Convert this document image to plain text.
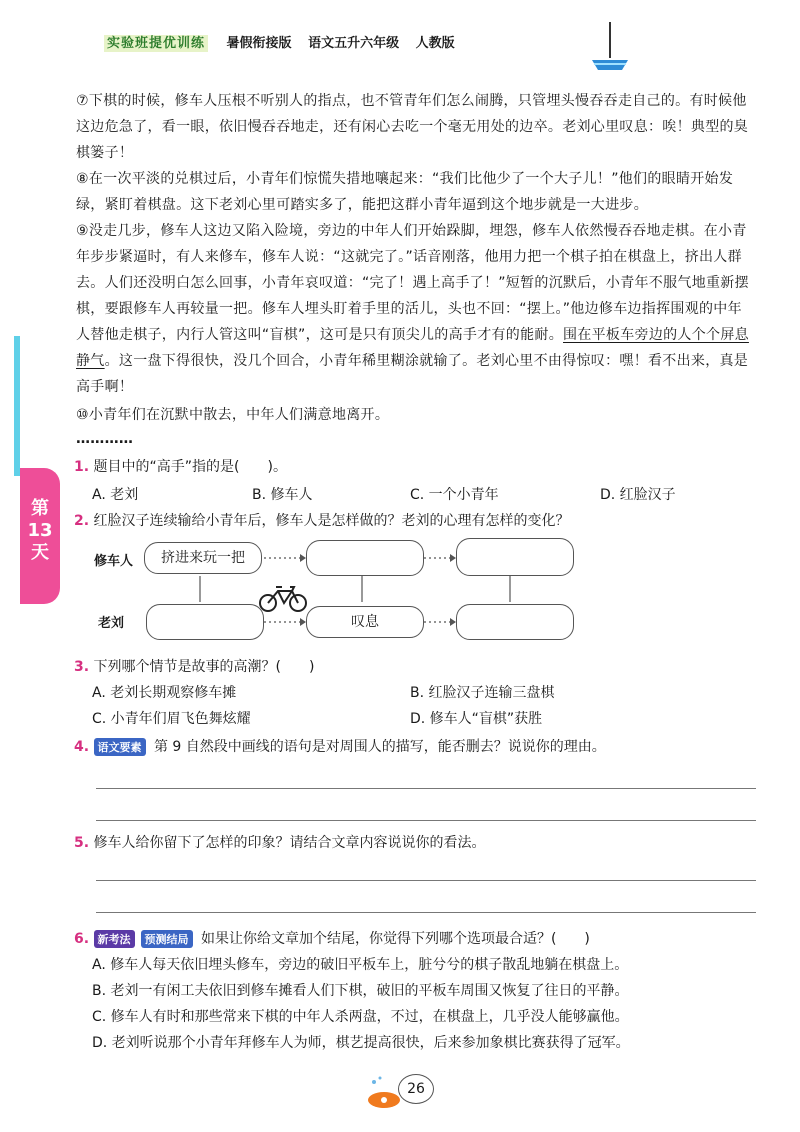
实验班提优训练 暑假衔接版 语文五升六年级 人教版
第13天
⑦下棋的时候，修车人压根不听别人的指点，也不管青年们怎么闹腾，只管埋头慢吞吞走自己的。有时候他这边危急了，看一眼，依旧慢吞吞地走，还有闲心去吃一个毫无用处的边卒。老刘心里叹息：唉！典型的臭棋篓子！
⑧在一次平淡的兑棋过后，小青年们惊慌失措地嚷起来：“我们比他少了一个大子儿！”他们的眼睛开始发绿，紧盯着棋盘。这下老刘心里可踏实多了，能把这群小青年逼到这个地步就是一大进步。
⑨没走几步，修车人这边又陷入险境，旁边的中年人们开始跺脚，埋怨，修车人依然慢吞吞地走棋。在小青年步步紧逼时，有人来修车，修车人说：“这就完了。”话音刚落，他用力把一个棋子拍在棋盘上，挤出人群去。人们还没明白怎么回事，小青年哀叹道：“完了！遇上高手了！”短暂的沉默后，小青年不服气地重新摆棋，要跟修车人再较量一把。修车人埋头盯着手里的活儿，头也不回：“摆上。”他边修车边指挥围观的中年人替他走棋子，内行人管这叫“盲棋”，这可是只有顶尖儿的高手才有的能耐。围在平板车旁边的人个个屏息静气。这一盘下得很快，没几个回合，小青年稀里糊涂就输了。老刘心里不由得惊叹：嘿！看不出来，真是高手啊！
⑩小青年们在沉默中散去，中年人们满意地离开。
…………
1. 题目中的“高手”指的是(　　)。
A. 老刘	B. 修车人	C. 一个小青年	D. 红脸汉子
2. 红脸汉子连续输给小青年后，修车人是怎样做的？老刘的心理有怎样的变化？
修车人
老刘
挤进来玩一把
叹息
3. 下列哪个情节是故事的高潮？(　　)
A. 老刘长期观察修车摊	B. 红脸汉子连输三盘棋
C. 小青年们眉飞色舞炫耀	D. 修车人“盲棋”获胜
4. 语文要素 第 9 自然段中画线的语句是对周围人的描写，能否删去？说说你的理由。
5. 修车人给你留下了怎样的印象？请结合文章内容说说你的看法。
6. 新考法 预测结局 如果让你给文章加个结尾，你觉得下列哪个选项最合适？(　　)
A. 修车人每天依旧埋头修车，旁边的破旧平板车上，脏兮兮的棋子散乱地躺在棋盘上。
B. 老刘一有闲工夫依旧到修车摊看人们下棋，破旧的平板车周围又恢复了往日的平静。
C. 修车人有时和那些常来下棋的中年人杀两盘，不过，在棋盘上，几乎没人能够赢他。
D. 老刘听说那个小青年拜修车人为师，棋艺提高很快，后来参加象棋比赛获得了冠军。
26
